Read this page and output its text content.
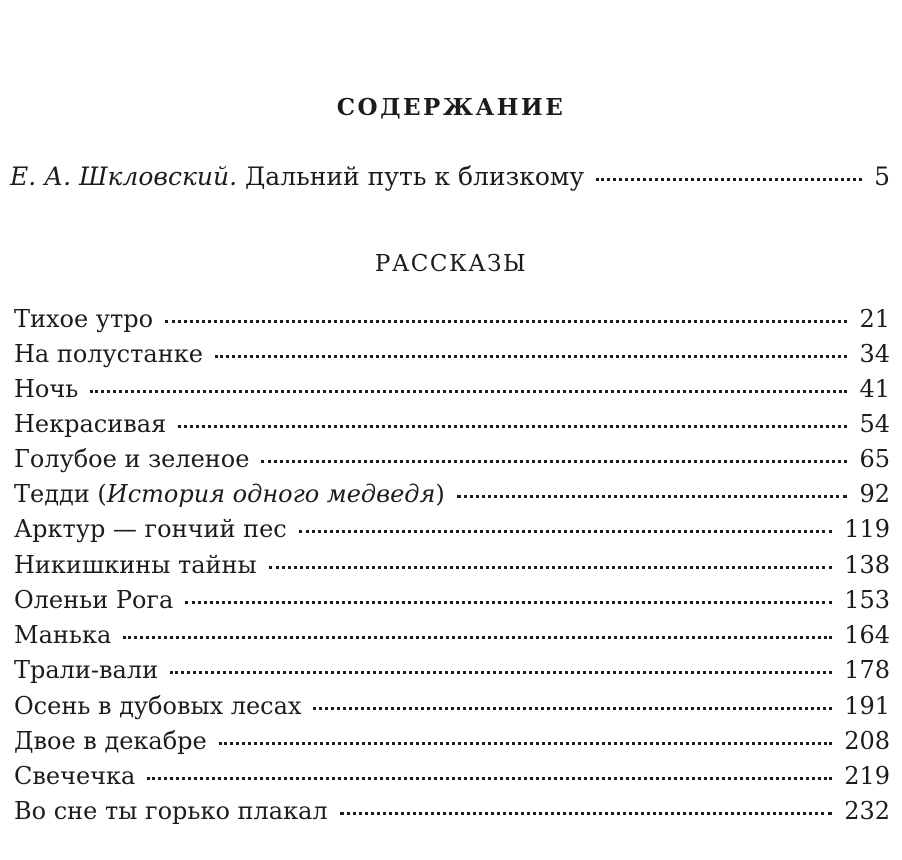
СОДЕРЖАНИЕ
Е. А. Шкловский. Дальний путь к близкому	5
РАССКАЗЫ
Тихое утро	21
На полустанке	34
Ночь	41
Некрасивая	54
Голубое и зеленое	65
Тедди (История одного медведя)	92
Арктур — гончий пес	119
Никишкины тайны	138
Оленьи Рога	153
Манька	164
Трали-вали	178
Осень в дубовых лесах	191
Двое в декабре	208
Свечечка	219
Во сне ты горько плакал	232
